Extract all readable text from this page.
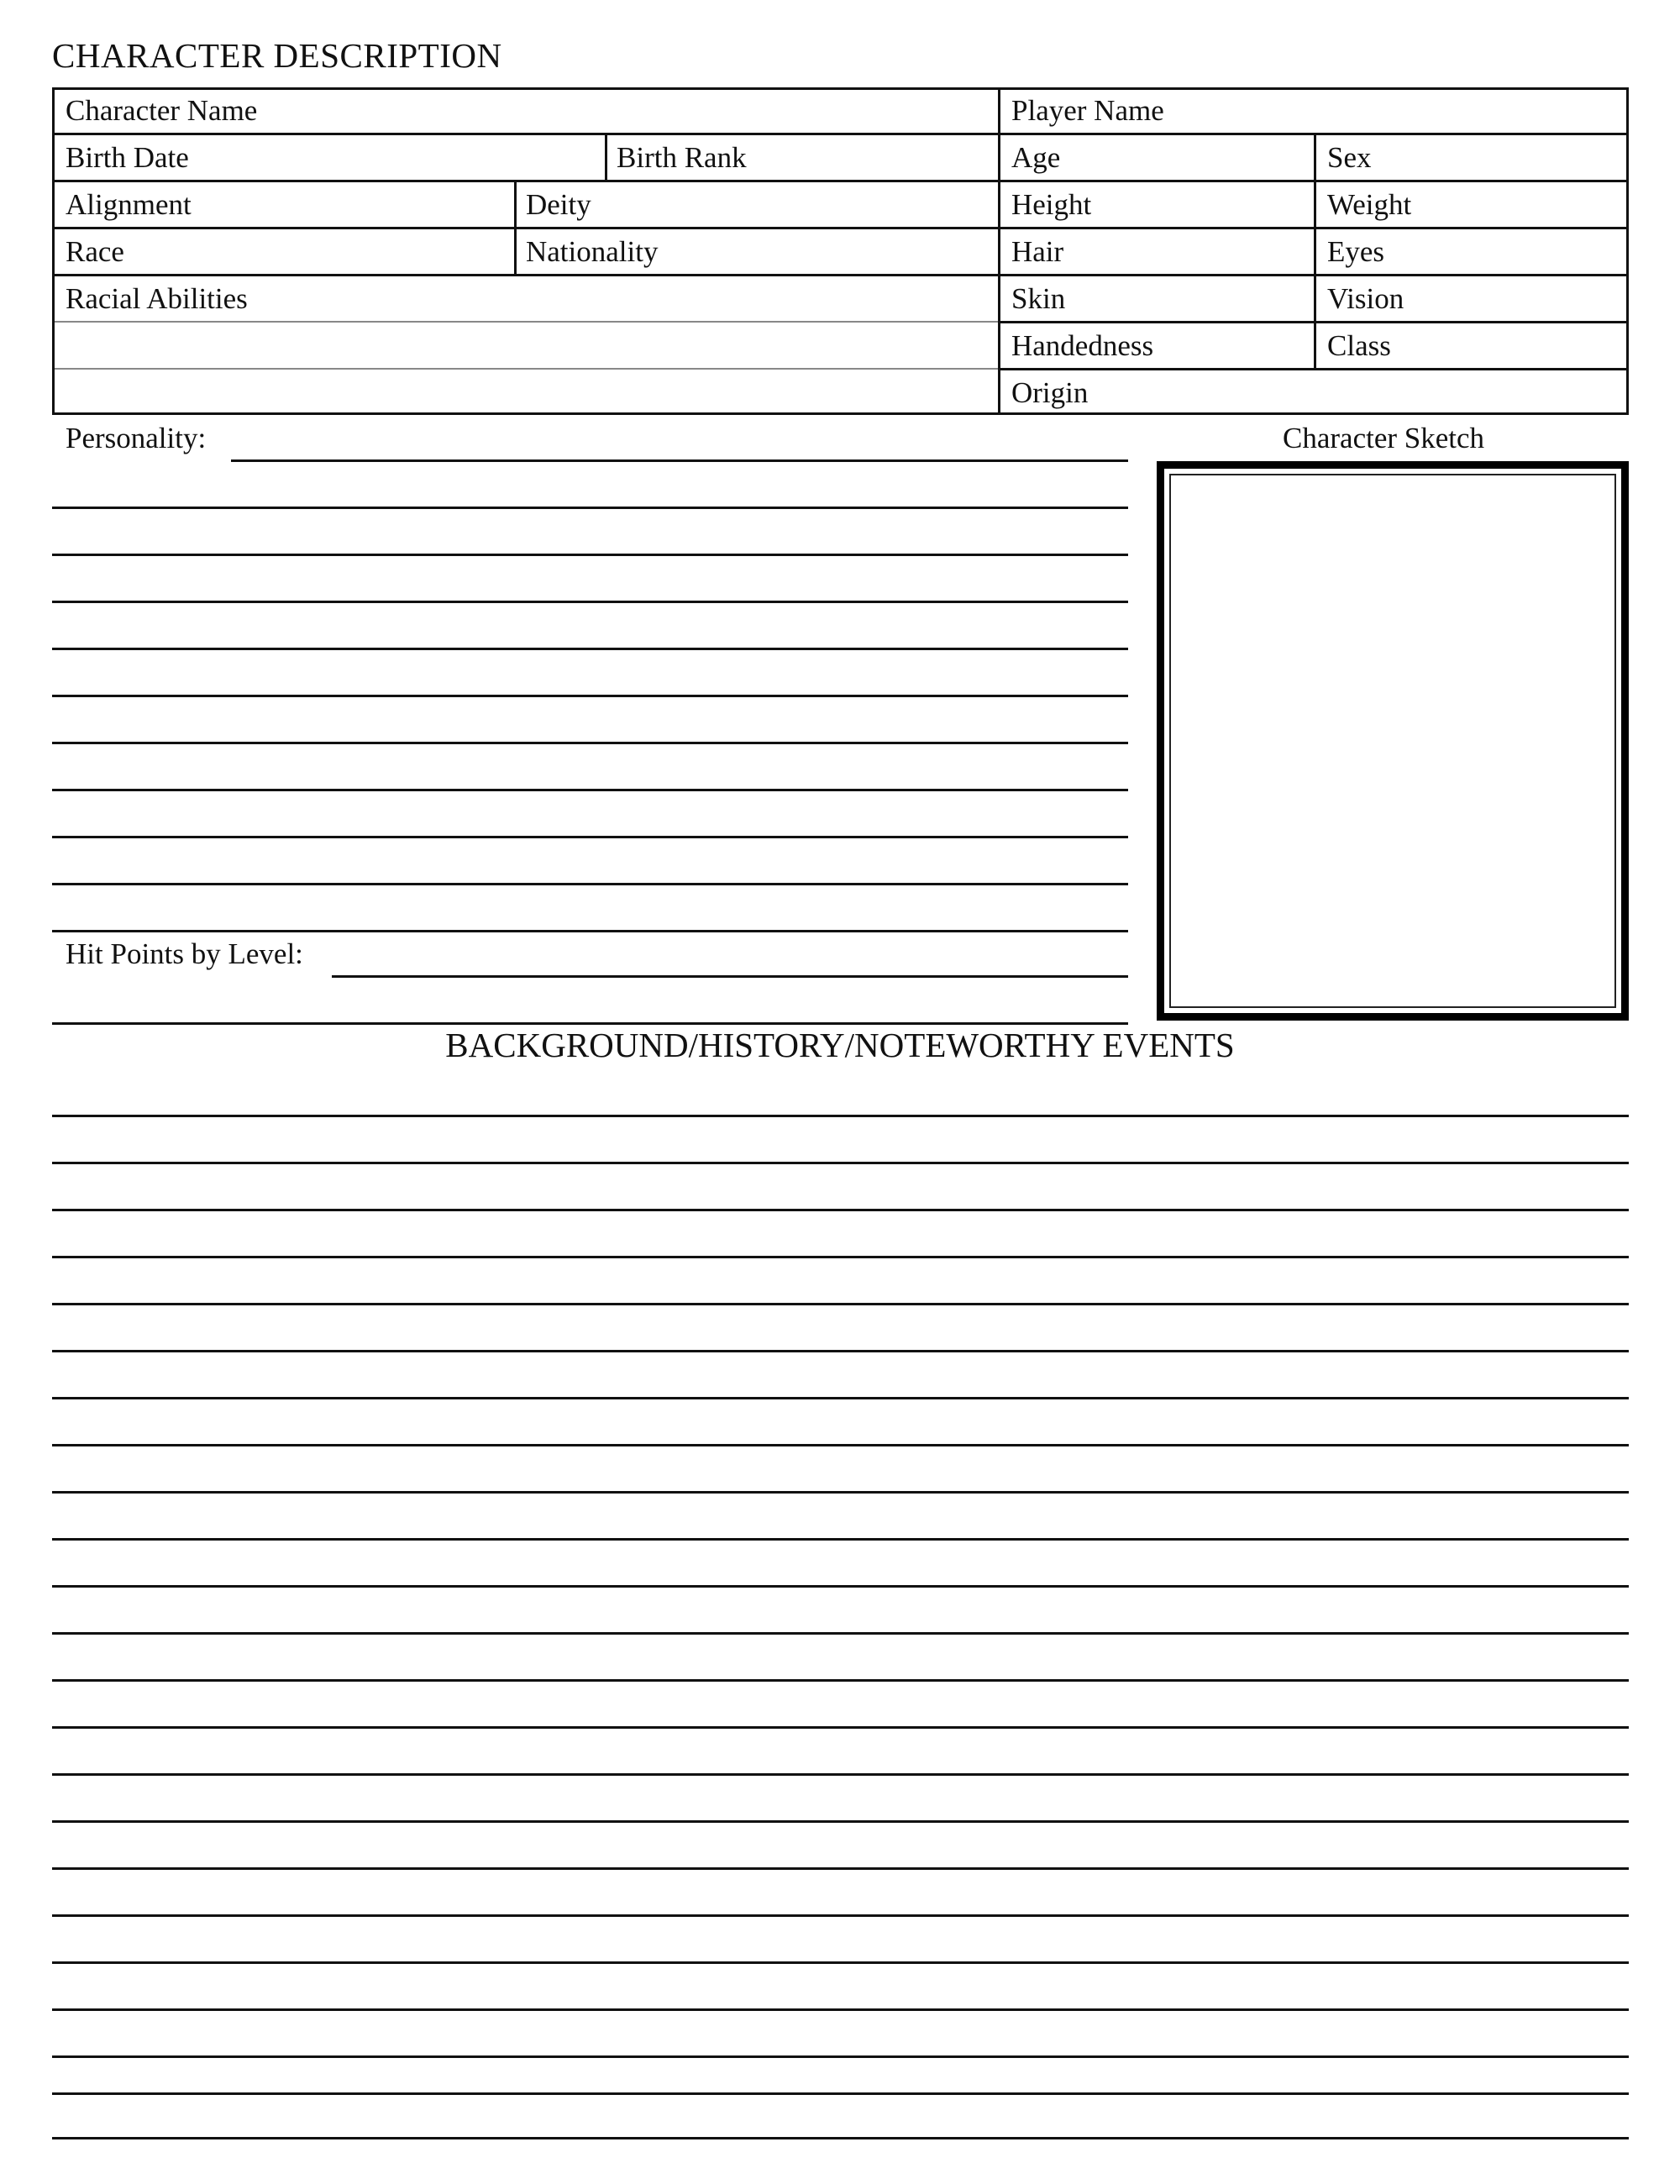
CHARACTER DESCRIPTION
Character Name	Player Name
Birth Date	Birth Rank	Age	Sex
Alignment	Deity	Height	Weight
Race	Nationality	Hair	Eyes
Racial Abilities	Skin	Vision
Handedness	Class
Origin
Personality:
Hit Points by Level:
Character Sketch
BACKGROUND/HISTORY/NOTEWORTHY EVENTS
